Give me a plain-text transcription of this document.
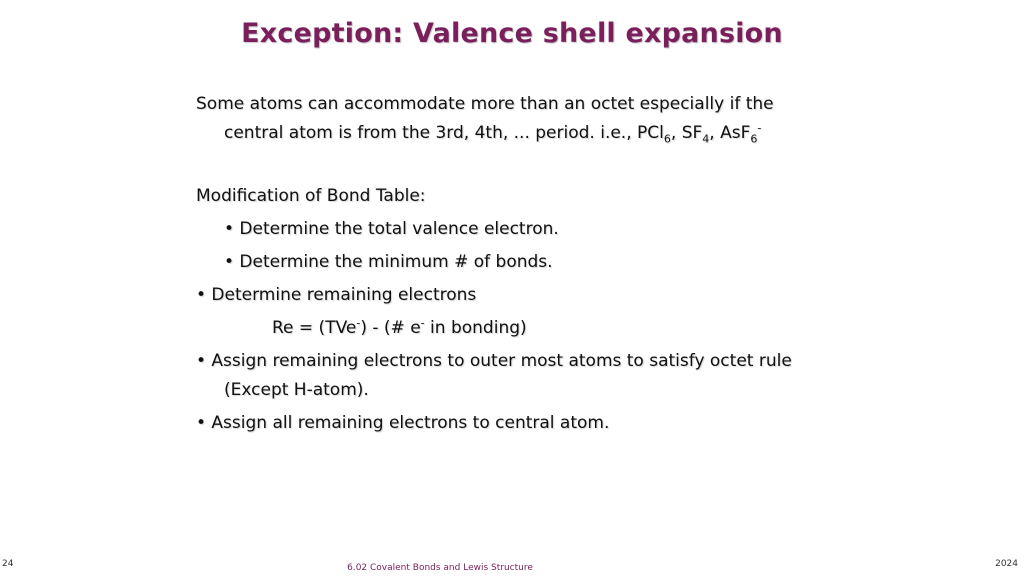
Exception: Valence shell expansion
Some atoms can accommodate more than an octet especially if the
central atom is from the 3rd, 4th, ... period. i.e., PCl$_6$, $SF_4$, AsF$_6$-
Modification of Bond Table:
• Determine the total valence electron.
• Determine the minimum # of bonds.
• Determine remaining electrons
Re = (TVe-) - (# e- in bonding)
• Assign remaining electrons to outer most atoms to satisfy octet rule
(Except H-atom).
• Assign all remaining electrons to central atom.
24	6.02 Covalent Bonds and Lewis Structure	2024
